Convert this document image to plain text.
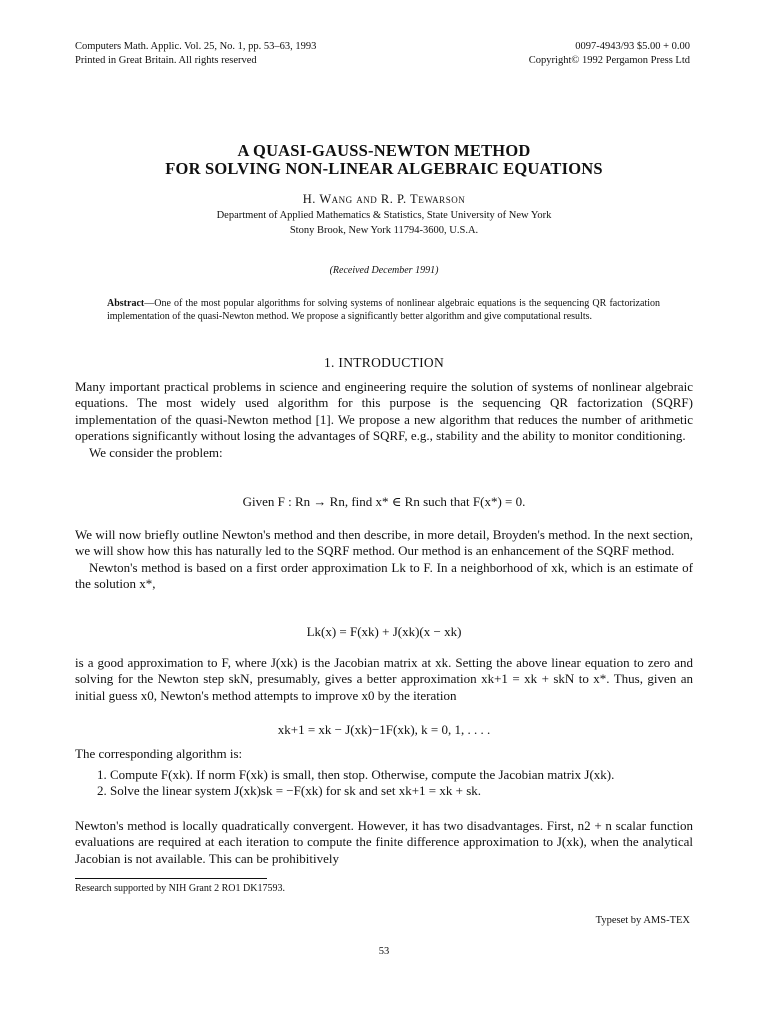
Computers Math. Applic. Vol. 25, No. 1, pp. 53–63, 1993
Printed in Great Britain. All rights reserved
0097-4943/93 $5.00 + 0.00
Copyright© 1992 Pergamon Press Ltd
A QUASI-GAUSS-NEWTON METHOD
FOR SOLVING NON-LINEAR ALGEBRAIC EQUATIONS
H. Wang and R. P. Tewarson
Department of Applied Mathematics & Statistics, State University of New York
Stony Brook, New York 11794-3600, U.S.A.
(Received December 1991)
Abstract—One of the most popular algorithms for solving systems of nonlinear algebraic equations is the sequencing QR factorization implementation of the quasi-Newton method. We propose a significantly better algorithm and give computational results.
1. INTRODUCTION

Many important practical problems in science and engineering require the solution of systems of nonlinear algebraic equations. The most widely used algorithm for this purpose is the sequencing QR factorization (SQRF) implementation of the quasi-Newton method [1]. We propose a new algorithm that reduces the number of arithmetic operations significantly without losing the advantages of SQRF, e.g., stability and the ability to monitor conditioning.

We consider the problem:

Given F : Rn → Rn, find x* ∈ Rn such that F(x*) = 0.

We will now briefly outline Newton's method and then describe, in more detail, Broyden's method. In the next section, we will show how this has naturally led to the SQRF method. Our method is an enhancement of the SQRF method.

Newton's method is based on a first order approximation Lk to F. In a neighborhood of xk, which is an estimate of the solution x*,

Lk(x) = F(xk) + J(xk)(x − xk)

is a good approximation to F, where J(xk) is the Jacobian matrix at xk. Setting the above linear equation to zero and solving for the Newton step skN, presumably, gives a better approximation xk+1 = xk + skN to x*. Thus, given an initial guess x0, Newton's method attempts to improve x0 by the iteration

xk+1 = xk − J(xk)−1F(xk), k = 0, 1, . . . .

The corresponding algorithm is:

1. Compute F(xk). If norm F(xk) is small, then stop. Otherwise, compute the Jacobian matrix J(xk).
2. Solve the linear system J(xk)sk = −F(xk) for sk and set xk+1 = xk + sk.

Newton's method is locally quadratically convergent. However, it has two disadvantages. First, n2 + n scalar function evaluations are required at each iteration to compute the finite difference approximation to J(xk), when the analytical Jacobian is not available. This can be prohibitively

Research supported by NIH Grant 2 RO1 DK17593.
Typeset by AMS-TEX
53
